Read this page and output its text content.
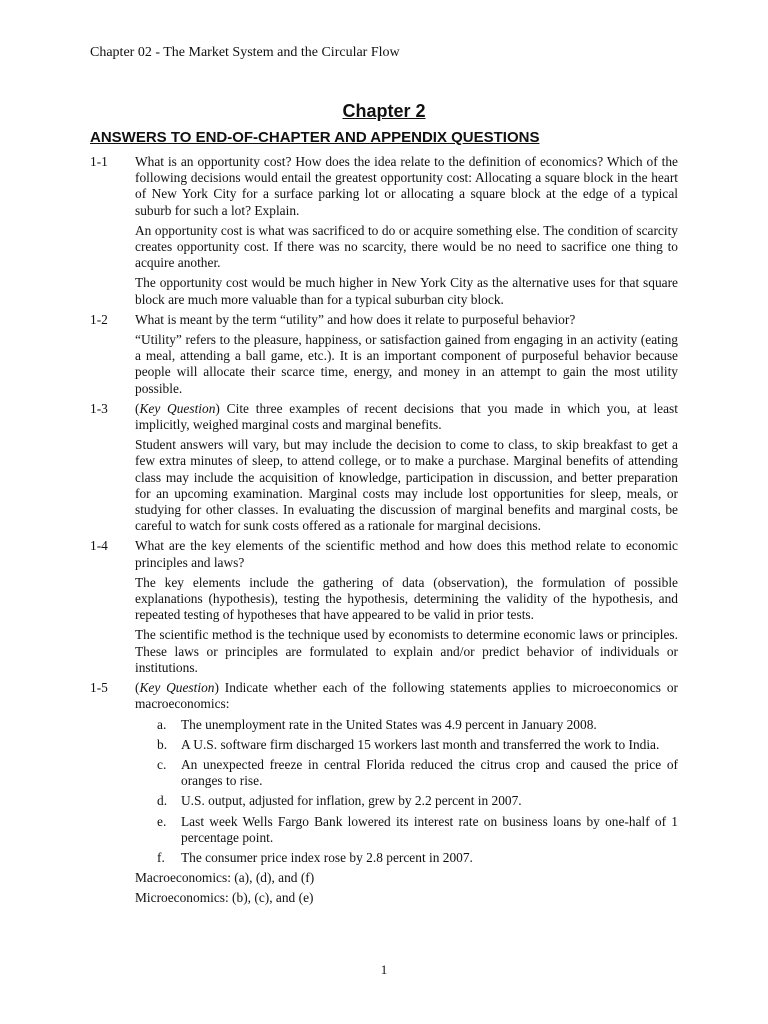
Chapter 02 - The Market System and the Circular Flow
Chapter 2
ANSWERS TO END-OF-CHAPTER AND APPENDIX QUESTIONS
1-1 What is an opportunity cost? How does the idea relate to the definition of economics? Which of the following decisions would entail the greatest opportunity cost: Allocating a square block in the heart of New York City for a surface parking lot or allocating a square block at the edge of a typical suburb for such a lot? Explain.

An opportunity cost is what was sacrificed to do or acquire something else. The condition of scarcity creates opportunity cost. If there was no scarcity, there would be no need to sacrifice one thing to acquire another.

The opportunity cost would be much higher in New York City as the alternative uses for that square block are much more valuable than for a typical suburban city block.

1-2 What is meant by the term “utility” and how does it relate to purposeful behavior?

“Utility” refers to the pleasure, happiness, or satisfaction gained from engaging in an activity (eating a meal, attending a ball game, etc.). It is an important component of purposeful behavior because people will allocate their scarce time, energy, and money in an attempt to gain the most utility possible.

1-3 (Key Question) Cite three examples of recent decisions that you made in which you, at least implicitly, weighed marginal costs and marginal benefits.

Student answers will vary, but may include the decision to come to class, to skip breakfast to get a few extra minutes of sleep, to attend college, or to make a purchase. Marginal benefits of attending class may include the acquisition of knowledge, participation in discussion, and better preparation for an upcoming examination. Marginal costs may include lost opportunities for sleep, meals, or studying for other classes. In evaluating the discussion of marginal benefits and marginal costs, be careful to watch for sunk costs offered as a rationale for marginal decisions.

1-4 What are the key elements of the scientific method and how does this method relate to economic principles and laws?

The key elements include the gathering of data (observation), the formulation of possible explanations (hypothesis), testing the hypothesis, determining the validity of the hypothesis, and repeated testing of hypotheses that have appeared to be valid in prior tests.

The scientific method is the technique used by economists to determine economic laws or principles. These laws or principles are formulated to explain and/or predict behavior of individuals or institutions.

1-5 (Key Question) Indicate whether each of the following statements applies to microeconomics or macroeconomics:

a. The unemployment rate in the United States was 4.9 percent in January 2008.
b. A U.S. software firm discharged 15 workers last month and transferred the work to India.
c. An unexpected freeze in central Florida reduced the citrus crop and caused the price of oranges to rise.
d. U.S. output, adjusted for inflation, grew by 2.2 percent in 2007.
e. Last week Wells Fargo Bank lowered its interest rate on business loans by one-half of 1 percentage point.
f. The consumer price index rose by 2.8 percent in 2007.

Macroeconomics: (a), (d), and (f)

Microeconomics: (b), (c), and (e)

1
